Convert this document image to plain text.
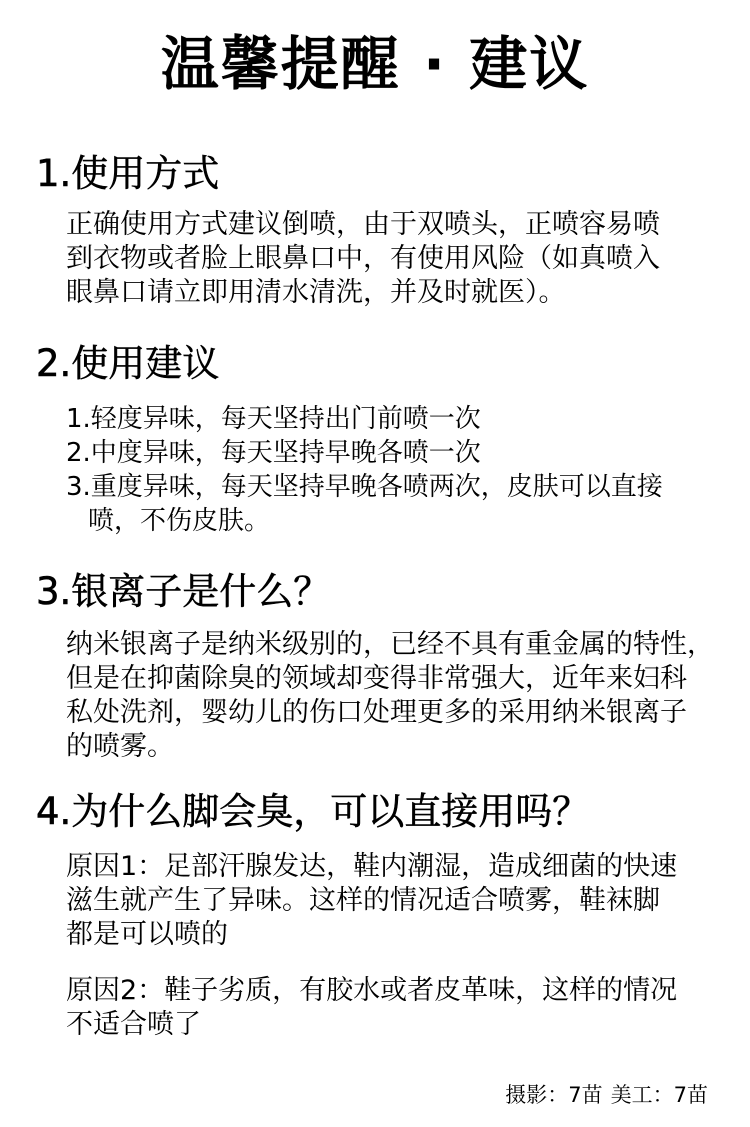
温馨提醒 · 建议
1.使用方式
正确使用方式建议倒喷，由于双喷头，正喷容易喷
到衣物或者脸上眼鼻口中，有使用风险（如真喷入
眼鼻口请立即用清水清洗，并及时就医）。
2.使用建议
1.轻度异味，每天坚持出门前喷一次
2.中度异味，每天坚持早晚各喷一次
3.重度异味，每天坚持早晚各喷两次，皮肤可以直接
喷，不伤皮肤。
3.银离子是什么？
纳米银离子是纳米级别的，已经不具有重金属的特性，
但是在抑菌除臭的领域却变得非常强大，近年来妇科
私处洗剂，婴幼儿的伤口处理更多的采用纳米银离子
的喷雾。
4.为什么脚会臭，可以直接用吗？
原因1：足部汗腺发达，鞋内潮湿，造成细菌的快速
滋生就产生了异味。这样的情况适合喷雾，鞋袜脚
都是可以喷的
原因2：鞋子劣质，有胶水或者皮革味，这样的情况
不适合喷了
摄影：7苗 美工：7苗
